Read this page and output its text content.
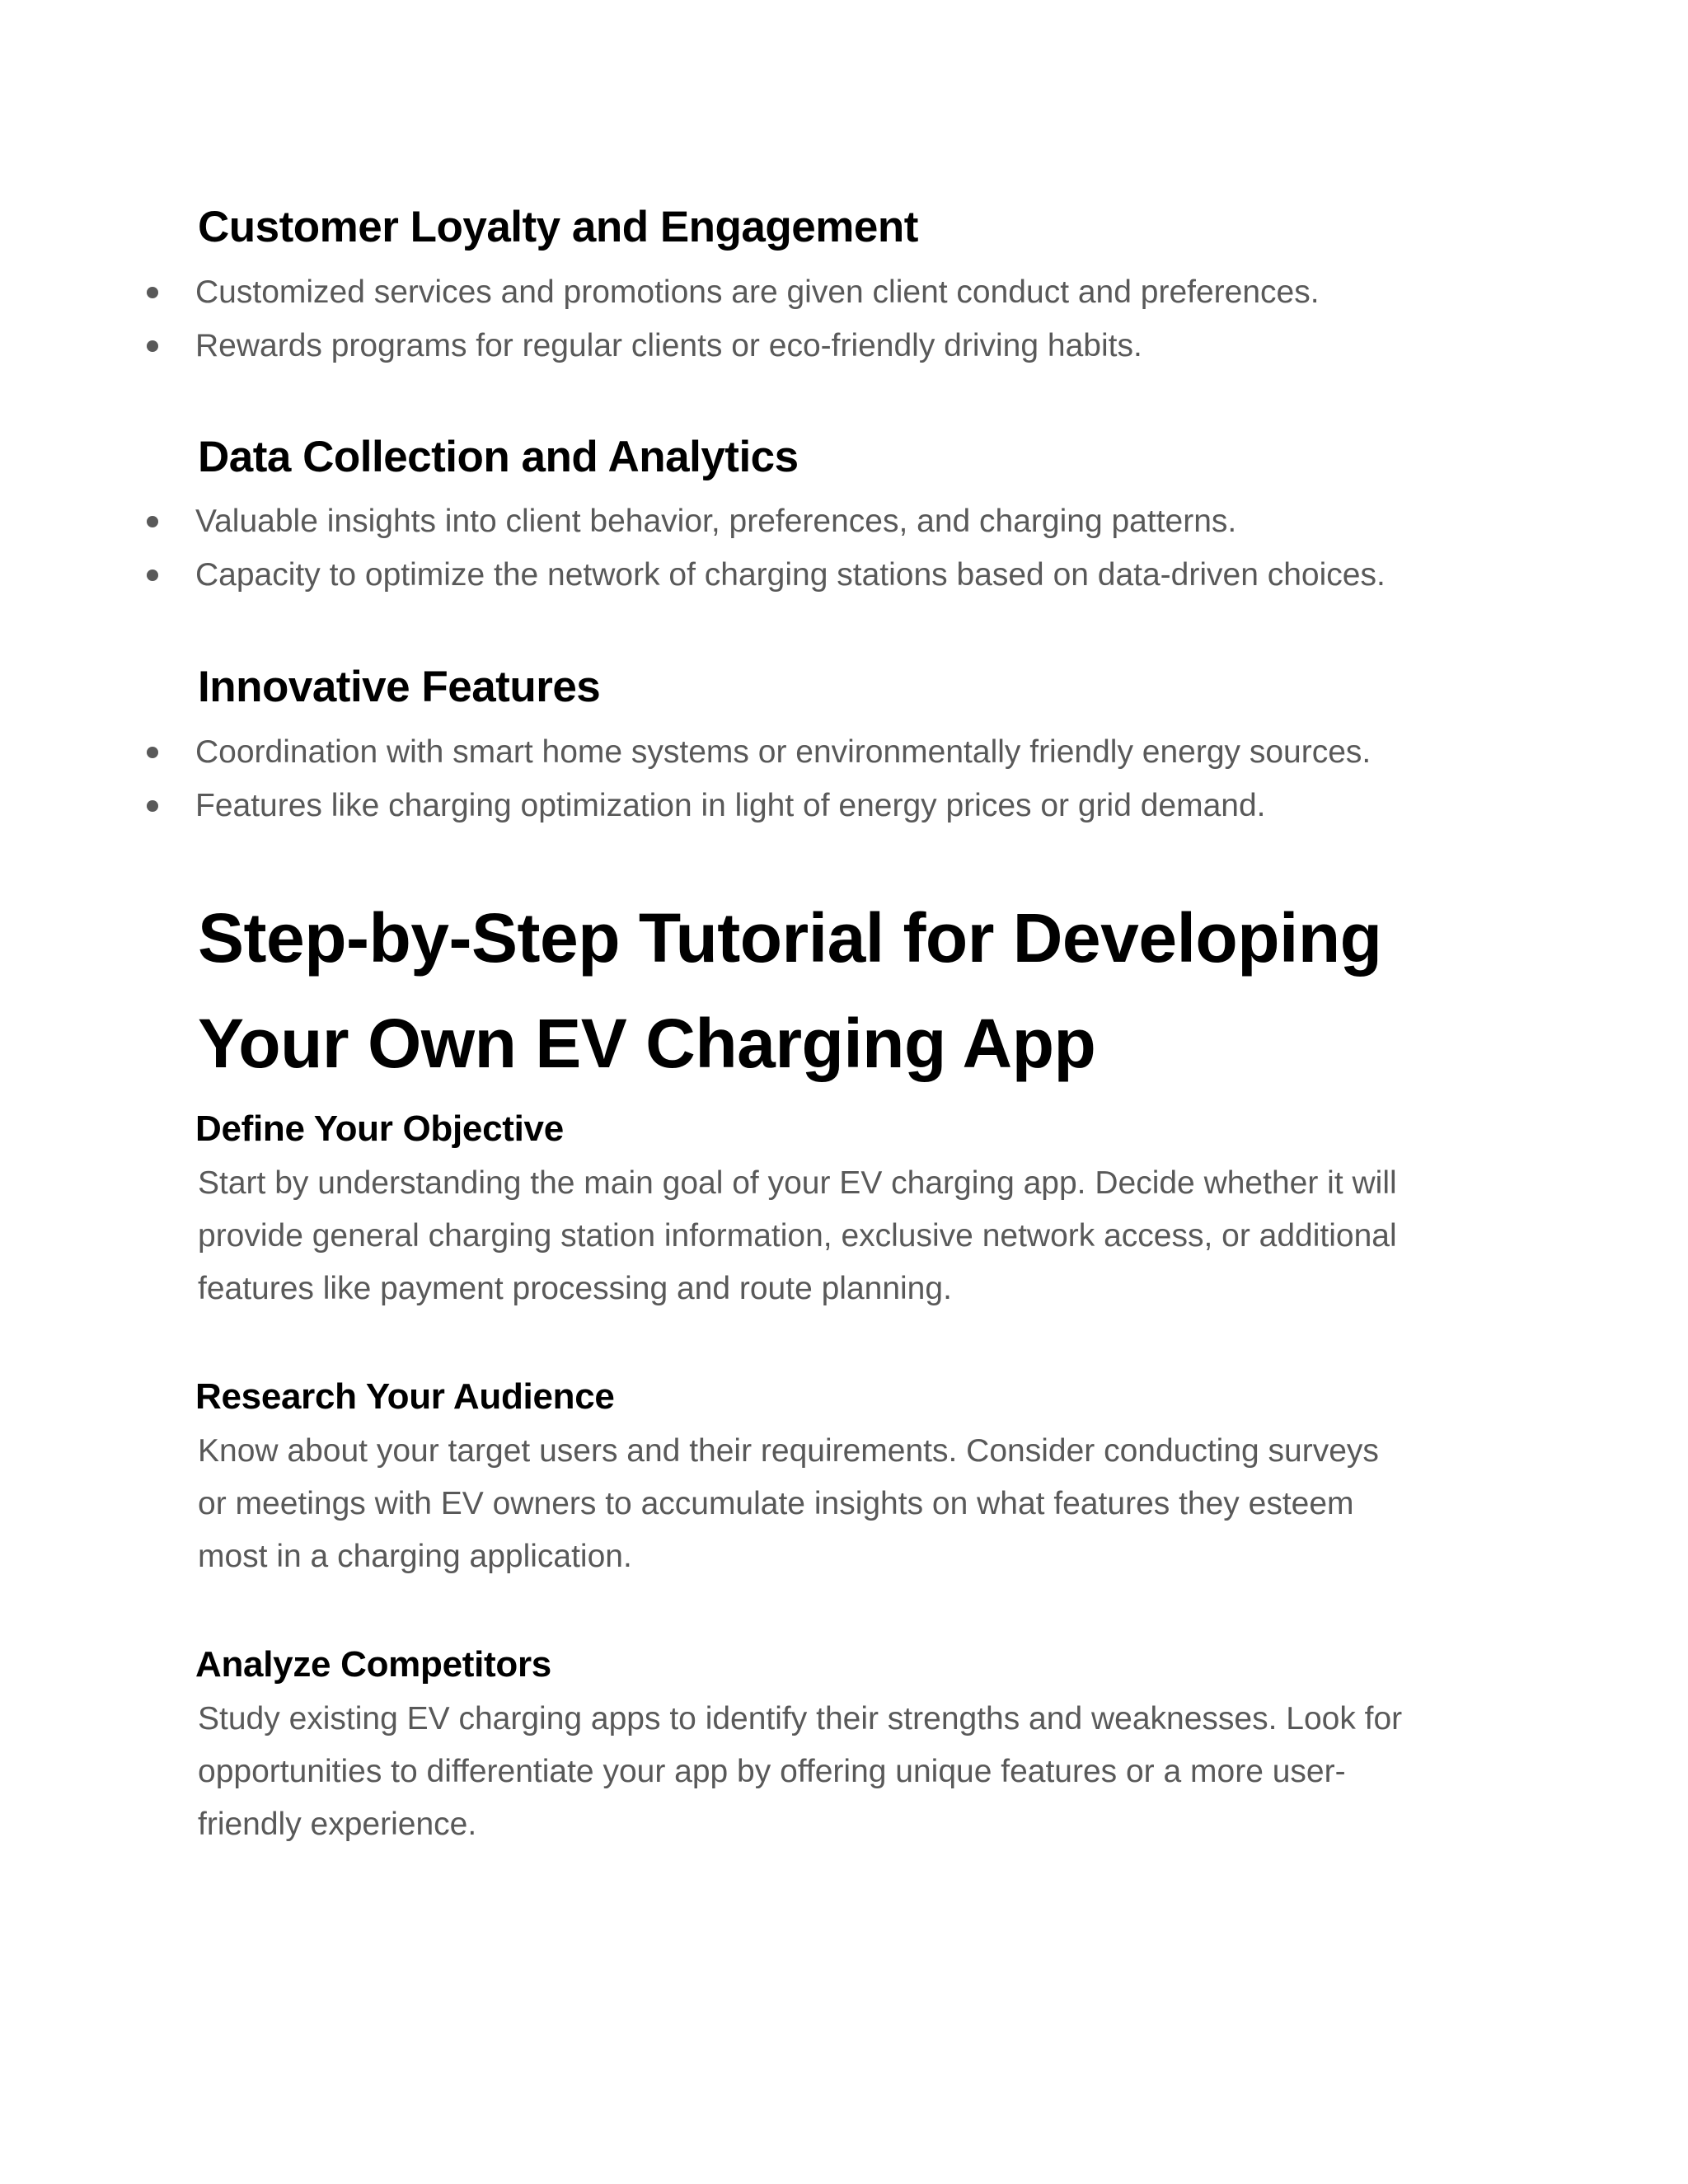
Customer Loyalty and Engagement
Customized services and promotions are given client conduct and preferences.
Rewards programs for regular clients or eco-friendly driving habits.
Data Collection and Analytics
Valuable insights into client behavior, preferences, and charging patterns.
Capacity to optimize the network of charging stations based on data-driven choices.
Innovative Features
Coordination with smart home systems or environmentally friendly energy sources.
Features like charging optimization in light of energy prices or grid demand.
Step-by-Step Tutorial for Developing
Your Own EV Charging App
Define Your Objective

Start by understanding the main goal of your EV charging app. Decide whether it will
provide general charging station information, exclusive network access, or additional
features like payment processing and route planning.

Research Your Audience

Know about your target users and their requirements. Consider conducting surveys
or meetings with EV owners to accumulate insights on what features they esteem
most in a charging application.

Analyze Competitors

Study existing EV charging apps to identify their strengths and weaknesses. Look for
opportunities to differentiate your app by offering unique features or a more user-
friendly experience.
